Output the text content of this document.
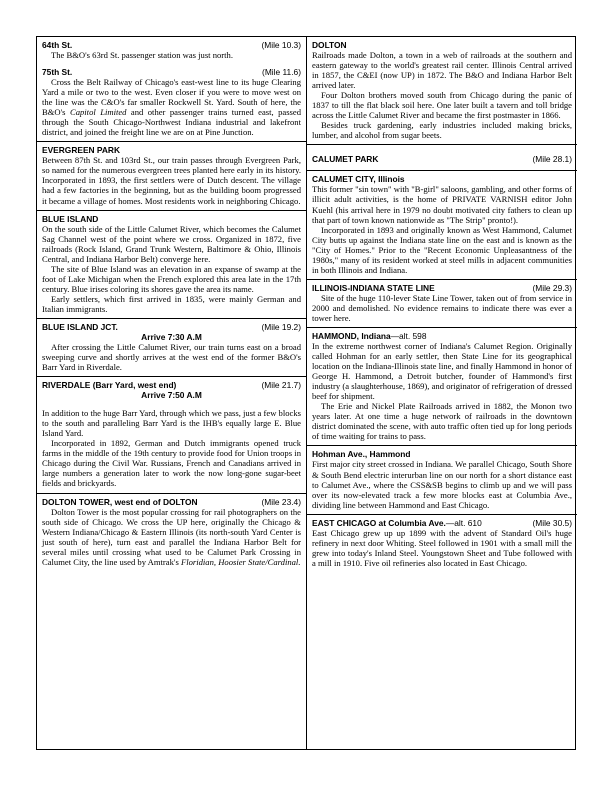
64th St.	(Mile 10.3)

The B&O's 63rd St. passenger station was just north.

75th St.	(Mile 11.6)

Cross the Belt Railway of Chicago's east-west line to its huge Clearing Yard a mile or two to the west. Even closer if you were to move west on the line was the C&O's far smaller Rockwell St. Yard. South of here, the B&O's Capitol Limited and other passenger trains turned east, passed through the South Chicago-Northwest Indiana industrial and lakefront district, and joined the freight line we are on at Pine Junction.

EVERGREEN PARK

Between 87th St. and 103rd St., our train passes through Evergreen Park, so named for the numerous evergreen trees planted here early in its history. Incorporated in 1893, the first settlers were of Dutch descent. The village had a few factories in the beginning, but as the building boom progressed it became a village of homes. Most residents work in neighboring Chicago.

BLUE ISLAND

On the south side of the Little Calumet River, which becomes the Calumet Sag Channel west of the point where we cross. Organized in 1872, five railroads (Rock Island, Grand Trunk Western, Baltimore & Ohio, Illinois Central, and Indiana Harbor Belt) converge here.

The site of Blue Island was an elevation in an expanse of swamp at the foot of Lake Michigan when the French explored this area late in the 17th century. Blue irises coloring its shores gave the area its name.

Early settlers, which first arrived in 1835, were mainly German and Italian immigrants.

BLUE ISLAND JCT.	(Mile 19.2)
Arrive 7:30 A.M

After crossing the Little Calumet River, our train turns east on a broad sweeping curve and shortly arrives at the west end of the former B&O's Barr Yard in Riverdale.

RIVERDALE (Barr Yard, west end)	(Mile 21.7)
Arrive 7:50 A.M

In addition to the huge Barr Yard, through which we pass, just a few blocks to the south and paralleling Barr Yard is the IHB's equally large E. Blue Island Yard.

Incorporated in 1892, German and Dutch immigrants opened truck farms in the middle of the 19th century to provide food for Union troops in Chicago during the Civil War. Russians, French and Canadians arrived in large numbers a generation later to work the now long-gone sugar-beet fields and brickyards.

DOLTON TOWER, west end of DOLTON	(Mile 23.4)

Dolton Tower is the most popular crossing for rail photographers on the south side of Chicago. We cross the UP here, originally the Chicago & Western Indiana/Chicago & Eastern Illinois (its north-south Yard Center is just south of here), turn east and parallel the Indiana Harbor Belt for several miles until crossing what used to be Calumet Park Crossing in Calumet City, the line used by Amtrak's Floridian, Hoosier State/Cardinal.

DOLTON

Railroads made Dolton, a town in a web of railroads at the southern and eastern gateway to the world's greatest rail center. Illinois Central arrived in 1857, the C&EI (now UP) in 1872. The B&O and Indiana Harbor Belt arrived later.

Four Dolton brothers moved south from Chicago during the panic of 1837 to till the flat black soil here. One later built a tavern and toll bridge across the Little Calumet River and became the first postmaster in 1866.

Besides truck gardening, early industries included making bricks, lumber, and alcohol from sugar beets.

CALUMET PARK	(Mile 28.1)
CALUMET CITY, Illinois

This former "sin town" with "B-girl" saloons, gambling, and other forms of illicit adult activities, is the home of PRIVATE VARNISH editor John Kuehl (his arrival here in 1979 no doubt motivated city fathers to clean up that part of town known nationwide as "The Strip" pronto!).

Incorporated in 1893 and originally known as West Hammond, Calumet City butts up against the Indiana state line on the east and is known as the "City of Homes." Prior to the "Recent Economic Unpleasantness of the 1980s," many of its resident worked at steel mills in adjacent communities in both Illinois and Indiana.

ILLINOIS-INDIANA STATE LINE	(Mile 29.3)

Site of the huge 110-lever State Line Tower, taken out of from service in 2000 and demolished. No evidence remains to indicate there was ever a tower here.

HAMMOND, Indiana—alt. 598

In the extreme northwest corner of Indiana's Calumet Region. Originally called Hohman for an early settler, then State Line for its geographical location on the Indiana-Illinois state line, and finally Hammond in honor of George H. Hammond, a Detroit butcher, founder of Hammond's first industry (a slaughterhouse, 1869), and originator of refrigeration of dressed beef for shipment.

The Erie and Nickel Plate Railroads arrived in 1882, the Monon two years later. At one time a huge network of railroads in the downtown district dominated the scene, with auto traffic often tied up for long periods of time waiting for trains to pass.

Hohman Ave., Hammond

First major city street crossed in Indiana. We parallel Chicago, South Shore & South Bend electric interurban line on our north for a short distance east to Calumet Ave., where the CSS&SB begins to climb up and we will pass over its now-elevated track a few more blocks east at Columbia Ave., dividing line between Hammond and East Chicago.

EAST CHICAGO at Columbia Ave.—alt. 610	(Mile 30.5)

East Chicago grew up up 1899 with the advent of Standard Oil's huge refinery in next door Whiting. Steel followed in 1901 with a small mill the grew into today's Inland Steel. Youngstown Sheet and Tube followed with a mill in 1910. Five oil refineries also located in East Chicago.
